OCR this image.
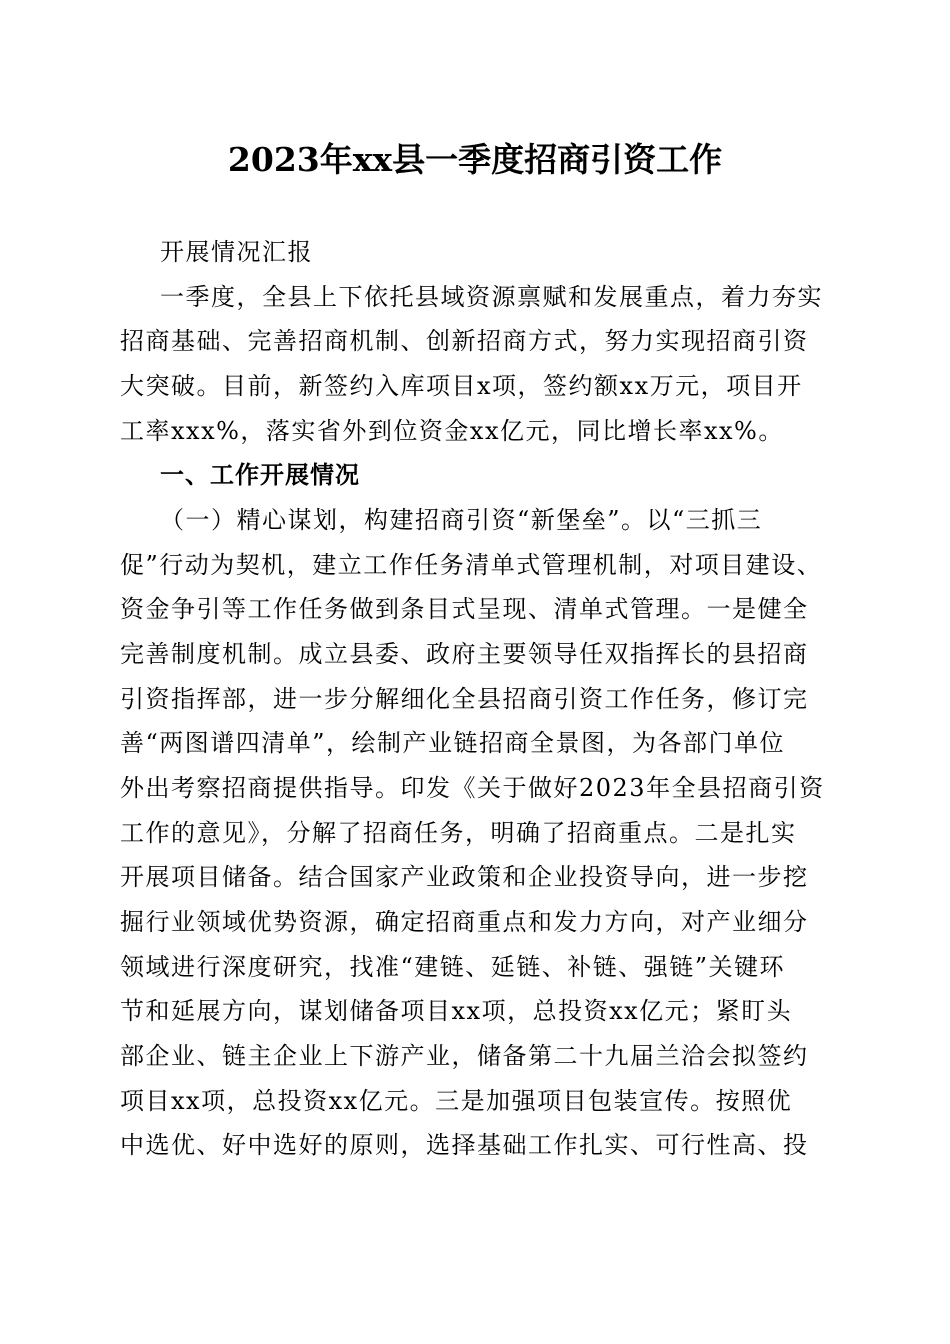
2023年xx县一季度招商引资工作
开展情况汇报
一季度，全县上下依托县域资源禀赋和发展重点，着力夯实
招商基础、完善招商机制、创新招商方式，努力实现招商引资
大突破。目前，新签约入库项目x项，签约额xx万元，项目开
工率xxx%，落实省外到位资金xx亿元，同比增长率xx%。
一、工作开展情况
（一）精心谋划，构建招商引资“新堡垒”。以“三抓三
促”行动为契机，建立工作任务清单式管理机制，对项目建设、
资金争引等工作任务做到条目式呈现、清单式管理。一是健全
完善制度机制。成立县委、政府主要领导任双指挥长的县招商
引资指挥部，进一步分解细化全县招商引资工作任务，修订完
善“两图谱四清单”，绘制产业链招商全景图，为各部门单位
外出考察招商提供指导。印发《关于做好2023年全县招商引资
工作的意见》，分解了招商任务，明确了招商重点。二是扎实
开展项目储备。结合国家产业政策和企业投资导向，进一步挖
掘行业领域优势资源，确定招商重点和发力方向，对产业细分
领域进行深度研究，找准“建链、延链、补链、强链”关键环
节和延展方向，谋划储备项目xx项，总投资xx亿元；紧盯头
部企业、链主企业上下游产业，储备第二十九届兰洽会拟签约
项目xx项，总投资xx亿元。三是加强项目包装宣传。按照优
中选优、好中选好的原则，选择基础工作扎实、可行性高、投
